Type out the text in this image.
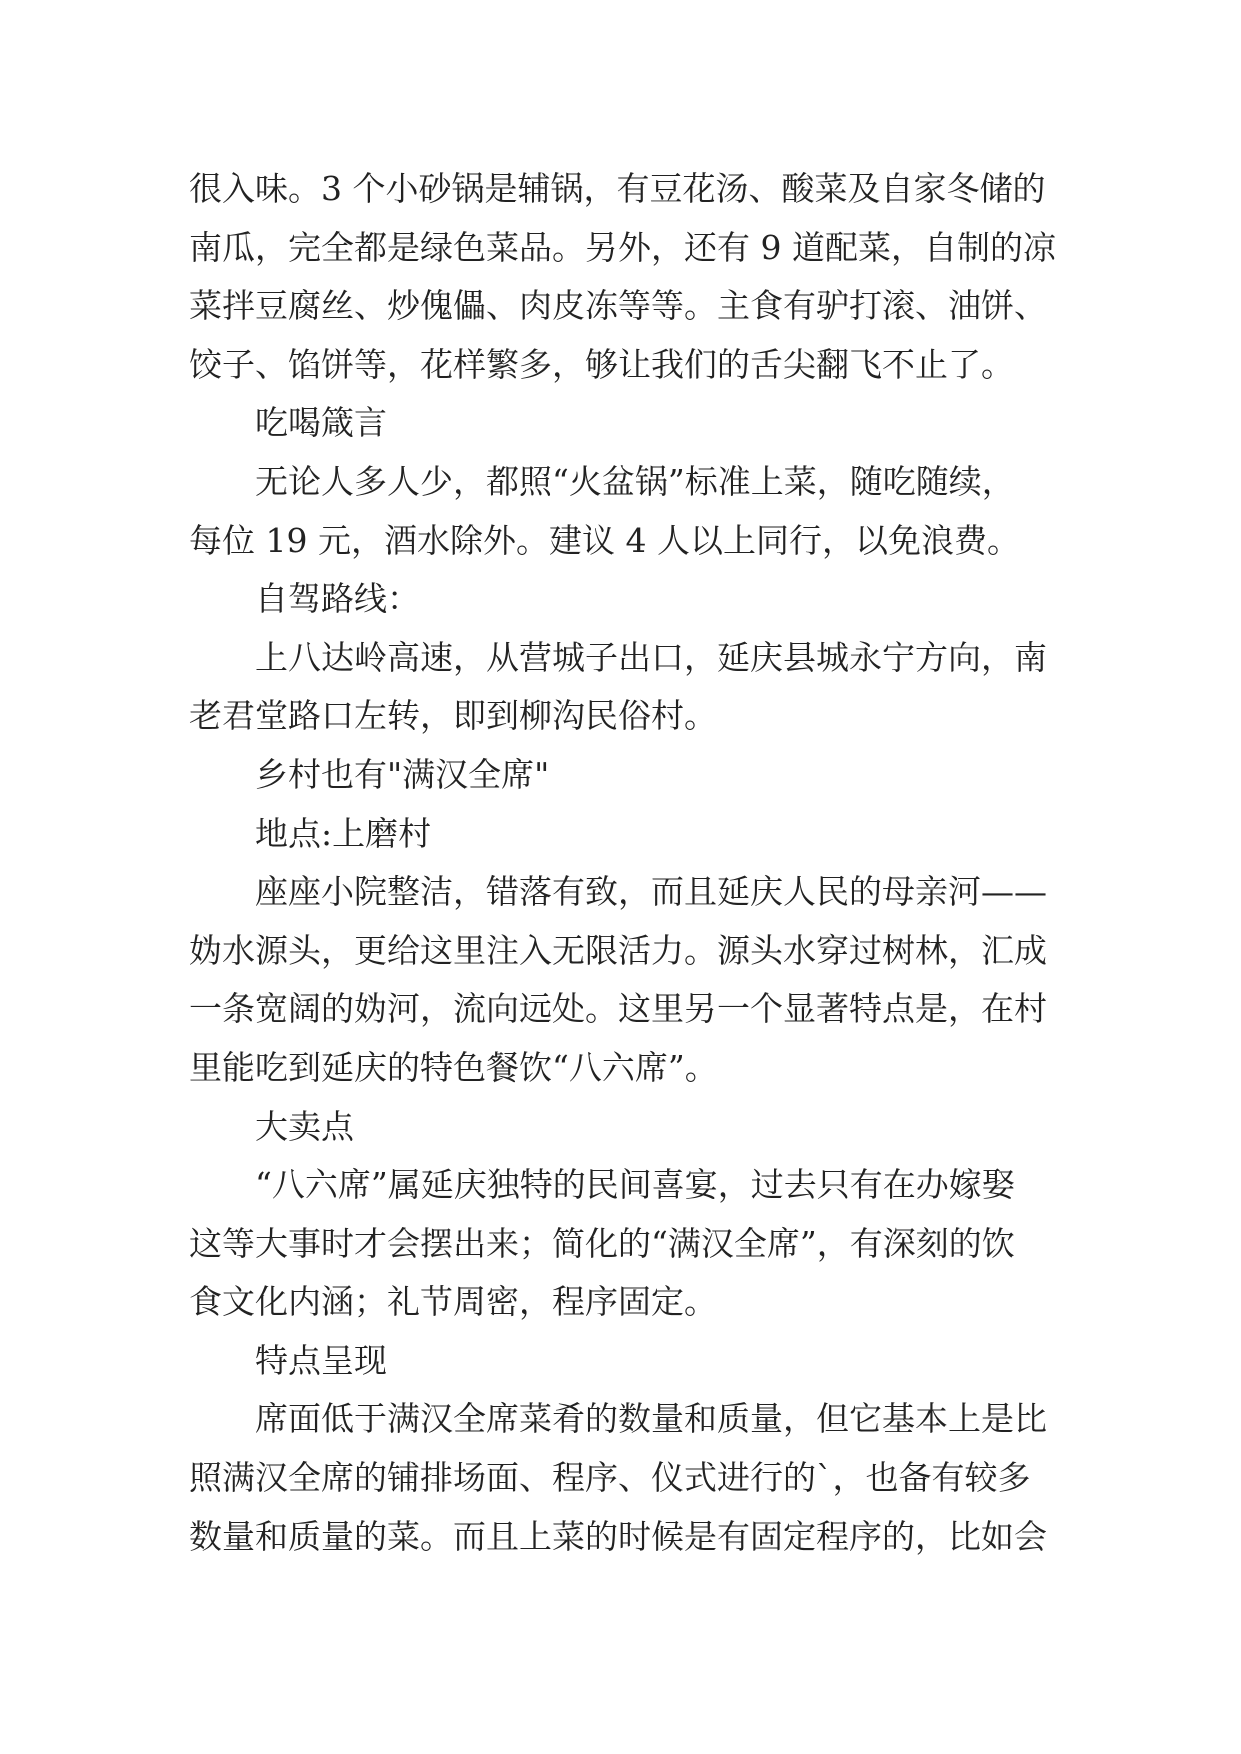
很入味。3 个小砂锅是辅锅，有豆花汤、酸菜及自家冬储的
南瓜，完全都是绿色菜品。另外，还有 9 道配菜，自制的凉
菜拌豆腐丝、炒傀儡、肉皮冻等等。主食有驴打滚、油饼、
饺子、馅饼等，花样繁多，够让我们的舌尖翻飞不止了。
吃喝箴言
无论人多人少，都照“火盆锅”标准上菜，随吃随续，
每位 19 元，酒水除外。建议 4 人以上同行，以免浪费。
自驾路线：
上八达岭高速，从营城子出口，延庆县城永宁方向，南
老君堂路口左转，即到柳沟民俗村。
乡村也有"满汉全席"
地点:上磨村
座座小院整洁，错落有致，而且延庆人民的母亲河——
妫水源头，更给这里注入无限活力。源头水穿过树林，汇成
一条宽阔的妫河，流向远处。这里另一个显著特点是，在村
里能吃到延庆的特色餐饮“八六席”。
大卖点
“八六席”属延庆独特的民间喜宴，过去只有在办嫁娶
这等大事时才会摆出来；简化的“满汉全席”，有深刻的饮
食文化内涵；礼节周密，程序固定。
特点呈现
席面低于满汉全席菜肴的数量和质量，但它基本上是比
照满汉全席的铺排场面、程序、仪式进行的`，也备有较多
数量和质量的菜。而且上菜的时候是有固定程序的，比如会
